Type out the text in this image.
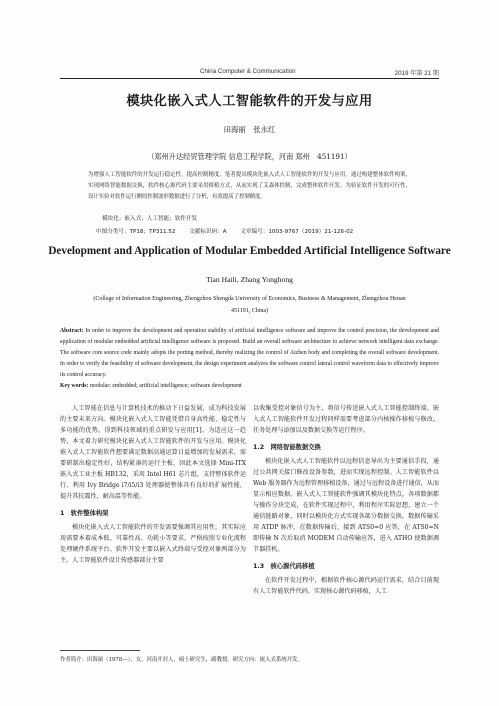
China Computer & Communication	2019 年第 21 期
模块化嵌入式人工智能软件的开发与应用
田海丽　张永红
（郑州升达经贸管理学院 信息工程学院，河南 郑州　451191）
为增强人工智能软件的开发运行稳定性，提高控制精度，笔者提出模块化嵌入式人工智能软件的开发与应用。通过构建整体软件构架，实现网络智能数据交换，软件核心源代码主要采用移植方式，从而实现了艾森体控制，完成整体软件开发。为验证软件开发的可行性，设计实验对软件运行侧的控制波形数据进行了分析，有效提高了控制精度。
模块化；嵌入式；人工智能；软件开发
中图分类号：TP18；TP311.52 文献标识码：A 文章编号：1003-9767（2019）21-126-02
Development and Application of Modular Embedded Artificial Intelligence Software
Tian Haili, Zhang Yonghong
(College of Information Engineering, Zhengzhou Shengda University of Economics, Business & Management, Zhengzhou Henan 451191, China)
Abstract: In order to improve the development and operation stability of artificial intelligence software and improve the control precision, the development and application of modular embedded artificial intelligence software is proposed. Build an overall software architecture to achieve network intelligent data exchange. The software core source code mainly adopts the porting method, thereby realizing the control of Aizhen body and completing the overall software development. In order to verify the feasibility of software development, the design experiment analyzes the software control lateral control waveform data to effectively improve its control accuracy.
Key words: modular; embedded; artificial intelligence; software development

人工智能在信息与计算机技术的推动下日益发展，成为科技发展的主要未来方向。模块化嵌入式人工智能凭借自身高性能、稳定性与多功能的优势，得到科技领域的重点研发与应用[1]。为适应这一趋势，本文着力研究模块化嵌入式人工智能软件的开发与应用。模块化嵌入式人工智能软件想要满足数据高通运算日益增加的发展需求，需要研制出稳定性好、结构紧凑的运行主板，因此本文选择 Mini-ITX 嵌入式工业主板 HB132，采用 Intel H61 芯片组，支持整体软件运行。利用 Ivy Bridge i7/i5/i3 处理器使整体具有良好的扩展性能，提升其抗震性、耐高温等性能。

1　软件整体构架

模块化嵌入式人工智能软件的开发需要强调其应用性，其实际应用需要本着成本低、可靠性高、功耗小等要求，严格按照专业化流程处理硬件系统平台。软件开发主要以嵌入式终端与受控对象两部分为主。人工智能软件设计传感器部分主要

以收集受控对象信号为主，将信号传送嵌入式人工智能控制终端。嵌入式人工智能软件开发过程同样需要考虑部分内核操作移植与修改、任务处理与添加以及数据交换等运行程序。

1.2　网络智能数据交换

模块化嵌入式人工智能软件以远程信息导出为主要通信手段，通过公共网关接口修改设备参数，进而实现远程控制。人工智能软件以 Web 服务器作为远程管理移植设备，通过与远程设备进行通信，从而显示相应数据。嵌入式人工智能软件强调其模块化特点，各项数据都与操作分块完成，在软件实现过程中，利用程序实际思想，建立一个通信链路对象，同时以模块化方式实现各部分数据交换，数据传输采用 ATDP 脉冲，在数据传输后，接到 ATS0=0 应答，在 ATS0=N 即传输 N 次后取消 MODEM 自动传输应答，进入 ATHO 使数据调节器挂机。

1.3　核心源代码移植

在软件开发过程中，根据软件核心源代码运行需求，结合目前现有人工智能软件代码，实现核心源代码移植，人工

作者简介：田海丽（1978—），女，河南开封人，硕士研究生，副教授。研究方向：嵌入式系统开发。
